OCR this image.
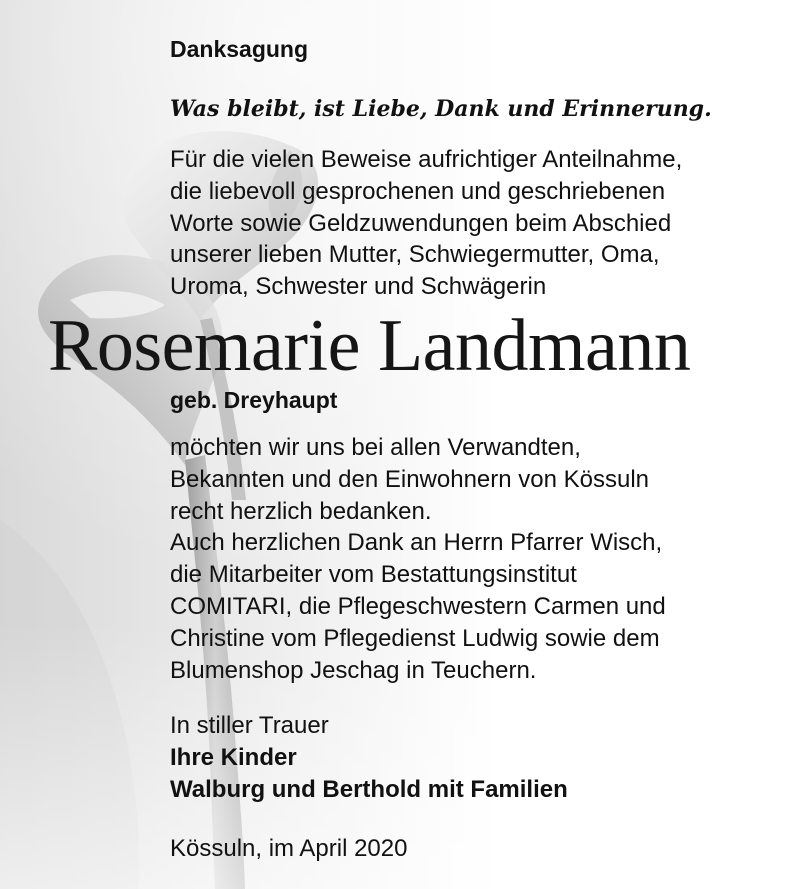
Danksagung
Was bleibt, ist Liebe, Dank und Erinnerung.

Für die vielen Beweise aufrichtiger Anteilnahme,
die liebevoll gesprochenen und geschriebenen
Worte sowie Geldzuwendungen beim Abschied
unserer lieben Mutter, Schwiegermutter, Oma,
Uroma, Schwester und Schwägerin

Rosemarie Landmann
geb. Dreyhaupt

möchten wir uns bei allen Verwandten,
Bekannten und den Einwohnern von Kössuln
recht herzlich bedanken.
Auch herzlichen Dank an Herrn Pfarrer Wisch,
die Mitarbeiter vom Bestattungsinstitut
COMITARI, die Pflegeschwestern Carmen und
Christine vom Pflegedienst Ludwig sowie dem
Blumenshop Jeschag in Teuchern.

In stiller Trauer
Ihre Kinder
Walburg und Berthold mit Familien
Kössuln, im April 2020
